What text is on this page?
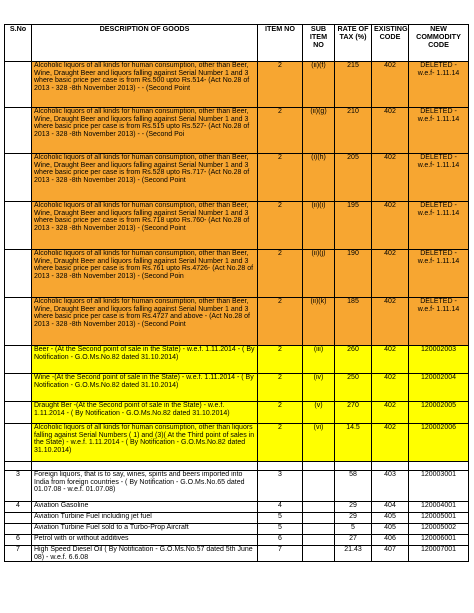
S.No	DESCRIPTION OF GOODS	ITEM NO	SUB ITEM NO	RATE OF TAX (%)	EXISTING CODE	NEW COMMODITY CODE
	Alcoholic liquors of all kinds for human consumption, other than Beer, Wine, Draught Beer and liquors falling against Serial Number 1 and 3 where basic price per case is from Rs.500 upto Rs.514- (Act No.28 of 2013 - 328 -8th November 2013) - - (Second Point	2	(ii)(f)	215	402	DELETED - w.e.f- 1.11.14
	Alcoholic liquors of all kinds for human consumption, other than Beer, Wine, Draught Beer and liquors falling against Serial Number 1 and 3 where basic price per case is from Rs.515 upto Rs.527- (Act No.28 of 2013 - 328 -8th November 2013) - - (Second Poi	2	(ii)(g)	210	402	DELETED - w.e.f- 1.11.14
	Alcoholic liquors of all kinds for human consumption, other than Beer, Wine, Draught Beer and liquors falling against Serial Number 1 and 3 where basic price per case is from Rs.528 upto Rs.717- (Act No.28 of 2013 - 328 -8th November 2013) - (Second Point	2	(i)(h)	205	402	DELETED - w.e.f- 1.11.14
	Alcoholic liquors of all kinds for human consumption, other than Beer, Wine, Draught Beer and liquors falling against Serial Number 1 and 3 where basic price per case is from Rs.718 upto Rs.760- (Act No.28 of 2013 - 328 -8th November 2013) - (Second Point	2	(ii)(i)	195	402	DELETED - w.e.f- 1.11.14
	Alcoholic liquors of all kinds for human consumption, other than Beer, Wine, Draught Beer and liquors falling against Serial Number 1 and 3 where basic price per case is from Rs.761 upto Rs.4726- (Act No.28 of 2013 - 328 -8th November 2013) - (Second Poin	2	(ii)(j)	190	402	DELETED - w.e.f- 1.11.14
	Alcoholic liquors of all kinds for human consumption, other than Beer, Wine, Draught Beer and liquors falling against Serial Number 1 and 3 where basic price per case is from Rs.4727 and above - (Act No.28 of 2013 - 328 -8th November 2013) - (Second Point	2	(ii)(k)	185	402	DELETED - w.e.f- 1.11.14
	Beer - (At the Second point of sale in the State) - w.e.f. 1.11.2014 - ( By Notification - G.O.Ms.No.82 dated 31.10.2014)	2	(iii)	260	402	120002003
	Wine -(At the Second point of sale in the State) - w.e.f. 1.11.2014 - ( By Notification - G.O.Ms.No.82 dated 31.10.2014)	2	(iv)	250	402	120002004
	Draught Ber -(At the Second point of sale in the State) - w.e.f. 1.11.2014 - ( By Notification - G.O.Ms.No.82 dated 31.10.2014)	2	(v)	270	402	120002005
	Alcoholic liquors of all kinds for human consumption, other than liquors falling against Serial Numbers ( 1) and (3)( At the Third point of sales in the State) - w.e.f. 1.11.2014 - ( By Notification - G.O.Ms.No.82 dated 31.10.2014)	2	(vi)	14.5	402	120002006

3	Foreign liquors, that is to say, wines, spirits and beers imported into India from foreign countries - ( By Notification - G.O.Ms.No.65 dated 01.07.08 - w.e.f. 01.07.08)	3		58	403	120003001
4	Aviation Gasoline	4		29	404	120004001
	Aviation Turbine Fuel including jet fuel	5		29	405	120005001
	Aviation Turbine Fuel sold to a Turbo-Prop Aircraft	5		5	405	120005002
6	Petrol with or without additives	6		27	406	120006001
7	High Speed Diesel Oil ( By Notification - G.O.Ms.No.57 dated 5th June 08) - w.e.f. 6.6.08	7		21.43	407	120007001
